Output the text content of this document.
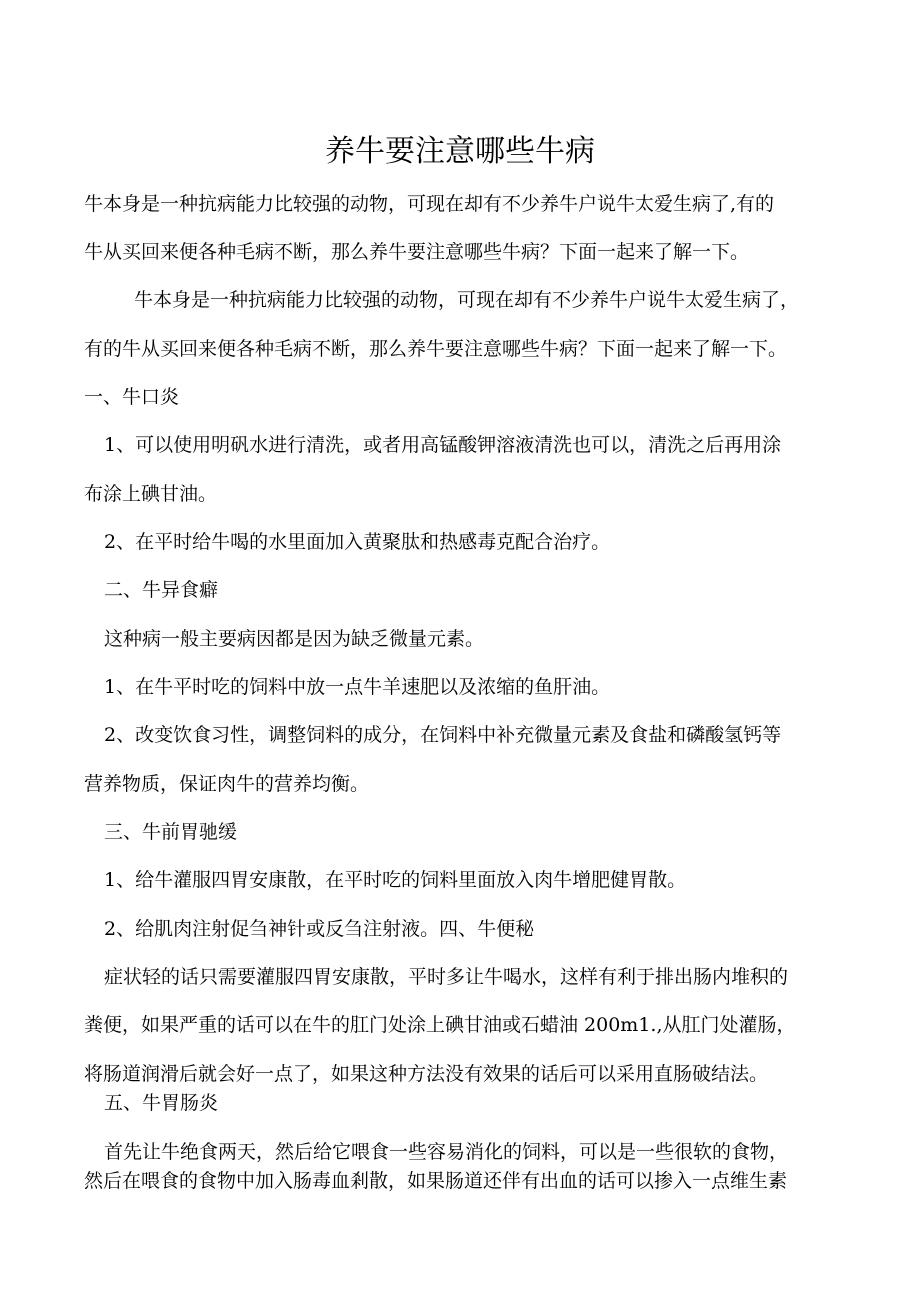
养牛要注意哪些牛病

牛本身是一种抗病能力比较强的动物，可现在却有不少养牛户说牛太爱生病了,有的

牛从买回来便各种毛病不断，那么养牛要注意哪些牛病？下面一起来了解一下。

牛本身是一种抗病能力比较强的动物，可现在却有不少养牛户说牛太爱生病了，

有的牛从买回来便各种毛病不断，那么养牛要注意哪些牛病？下面一起来了解一下。

一、牛口炎

1、可以使用明矾水进行清洗，或者用高锰酸钾溶液清洗也可以，清洗之后再用涂

布涂上碘甘油。

2、在平时给牛喝的水里面加入黄聚肽和热感毒克配合治疗。

二、牛异食癖

这种病一般主要病因都是因为缺乏微量元素。

1、在牛平时吃的饲料中放一点牛羊速肥以及浓缩的鱼肝油。

2、改变饮食习性，调整饲料的成分，在饲料中补充微量元素及食盐和磷酸氢钙等

营养物质，保证肉牛的营养均衡。

三、牛前胃驰缓

1、给牛灌服四胃安康散，在平时吃的饲料里面放入肉牛增肥健胃散。

2、给肌肉注射促刍神针或反刍注射液。四、牛便秘

症状轻的话只需要灌服四胃安康散，平时多让牛喝水，这样有利于排出肠内堆积的

粪便，如果严重的话可以在牛的肛门处涂上碘甘油或石蜡油 200m1.,从肛门处灌肠，

将肠道润滑后就会好一点了，如果这种方法没有效果的话后可以采用直肠破结法。

五、牛胃肠炎

首先让牛绝食两天，然后给它喂食一些容易消化的饲料，可以是一些很软的食物，

然后在喂食的食物中加入肠毒血剎散，如果肠道还伴有出血的话可以掺入一点维生素
